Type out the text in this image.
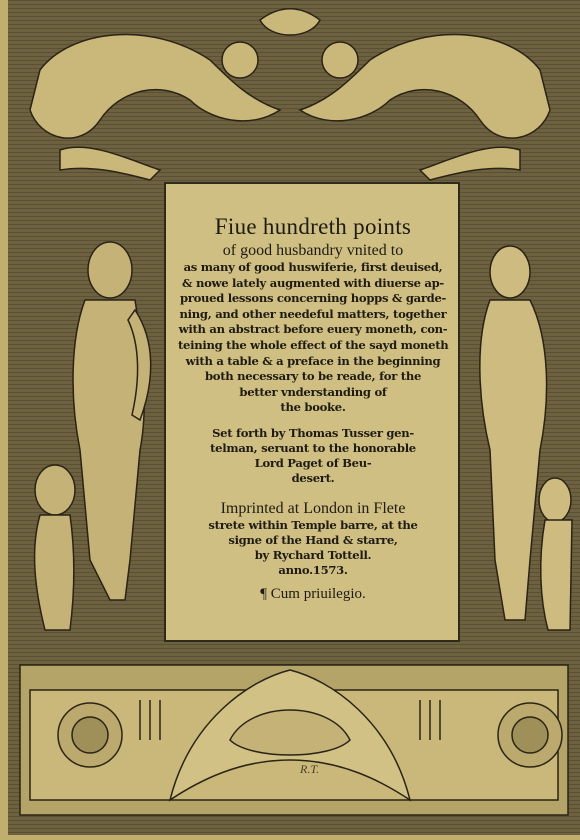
Fiue hundreth points
of good husbandry vnited to
as many of good huswiferie, first deuised,
& nowe lately augmented with diuerse ap-
proued lessons concerning hopps & garde-
ning, and other needeful matters, together
with an abstract before euery moneth, con-
teining the whole effect of the sayd moneth
with a table & a preface in the beginning
both necessary to be reade, for the
better vnderstanding of
the booke.
Set forth by Thomas Tusser gen-
telman, seruant to the honorable
Lord Paget of Beu-
desert.
Imprinted at London in Flete
strete within Temple barre, at the
signe of the Hand & starre,
by Rychard Tottell.
anno.1573.
¶ Cum priuilegio.
R.T.
